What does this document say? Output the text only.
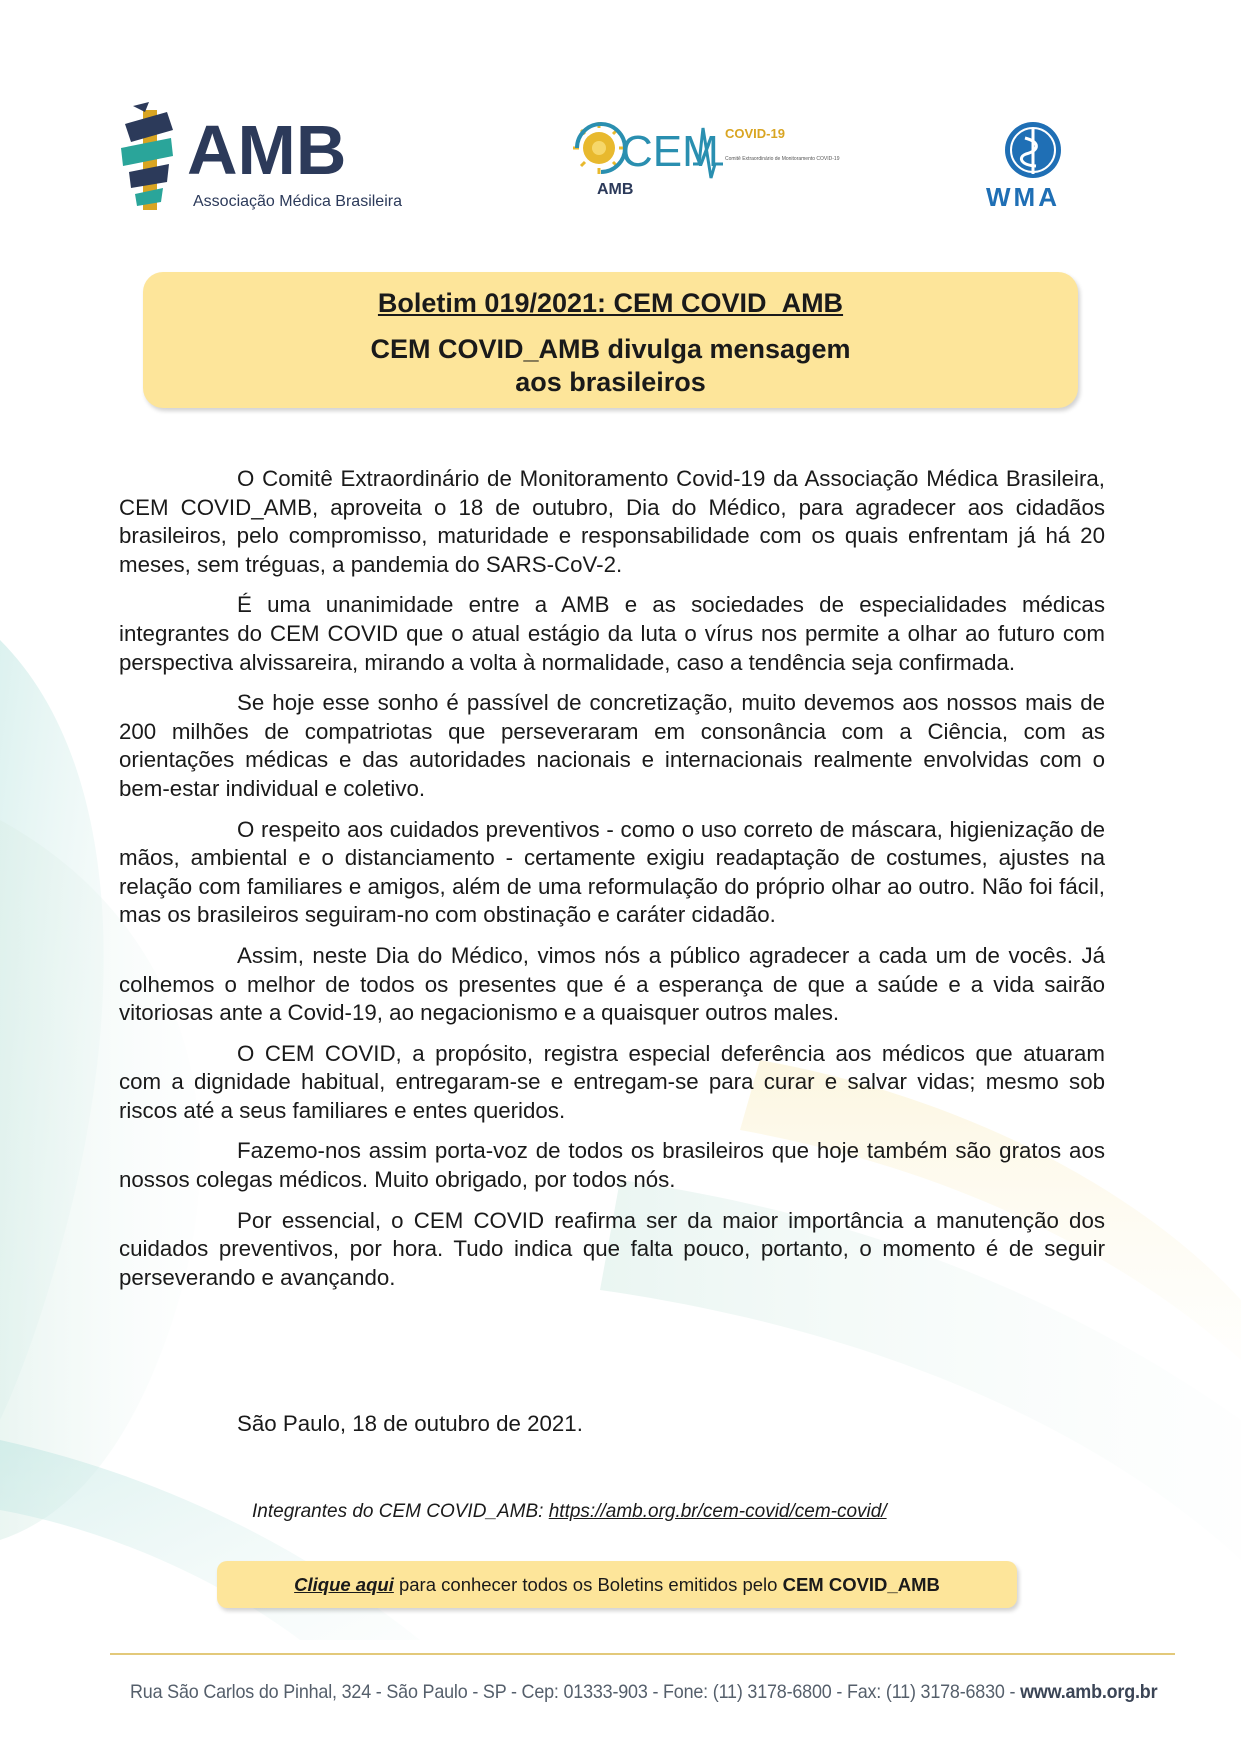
AMB
Associação Médica Brasileira
CEM COVID-19
Comitê Extraordinário de Monitoramento COVID-19
AMB	WMA
Boletim 019/2021: CEM COVID_AMB
CEM COVID_AMB divulga mensagem
aos brasileiros

O Comitê Extraordinário de Monitoramento Covid-19 da Associação Médica Brasileira, CEM COVID_AMB, aproveita o 18 de outubro, Dia do Médico, para agradecer aos cidadãos brasileiros, pelo compromisso, maturidade e responsabilidade com os quais enfrentam já há 20 meses, sem tréguas, a pandemia do SARS-CoV-2.

É uma unanimidade entre a AMB e as sociedades de especialidades médicas integrantes do CEM COVID que o atual estágio da luta o vírus nos permite a olhar ao futuro com perspectiva alvissareira, mirando a volta à normalidade, caso a tendência seja confirmada.

Se hoje esse sonho é passível de concretização, muito devemos aos nossos mais de 200 milhões de compatriotas que perseveraram em consonância com a Ciência, com as orientações médicas e das autoridades nacionais e internacionais realmente envolvidas com o bem-estar individual e coletivo.

O respeito aos cuidados preventivos - como o uso correto de máscara, higienização de mãos, ambiental e o distanciamento - certamente exigiu readaptação de costumes, ajustes na relação com familiares e amigos, além de uma reformulação do próprio olhar ao outro. Não foi fácil, mas os brasileiros seguiram-no com obstinação e caráter cidadão.

Assim, neste Dia do Médico, vimos nós a público agradecer a cada um de vocês. Já colhemos o melhor de todos os presentes que é a esperança de que a saúde e a vida sairão vitoriosas ante a Covid-19, ao negacionismo e a quaisquer outros males.

O CEM COVID, a propósito, registra especial deferência aos médicos que atuaram com a dignidade habitual, entregaram-se e entregam-se para curar e salvar vidas; mesmo sob riscos até a seus familiares e entes queridos.

Fazemo-nos assim porta-voz de todos os brasileiros que hoje também são gratos aos nossos colegas médicos. Muito obrigado, por todos nós.

Por essencial, o CEM COVID reafirma ser da maior importância a manutenção dos cuidados preventivos, por hora. Tudo indica que falta pouco, portanto, o momento é de seguir perseverando e avançando.

São Paulo, 18 de outubro de 2021.
Integrantes do CEM COVID_AMB: https://amb.org.br/cem-covid/cem-covid/
Clique aqui para conhecer todos os Boletins emitidos pelo CEM COVID_AMB
Rua São Carlos do Pinhal, 324 - São Paulo - SP - Cep: 01333-903 - Fone: (11) 3178-6800 - Fax: (11) 3178-6830 - www.amb.org.br
